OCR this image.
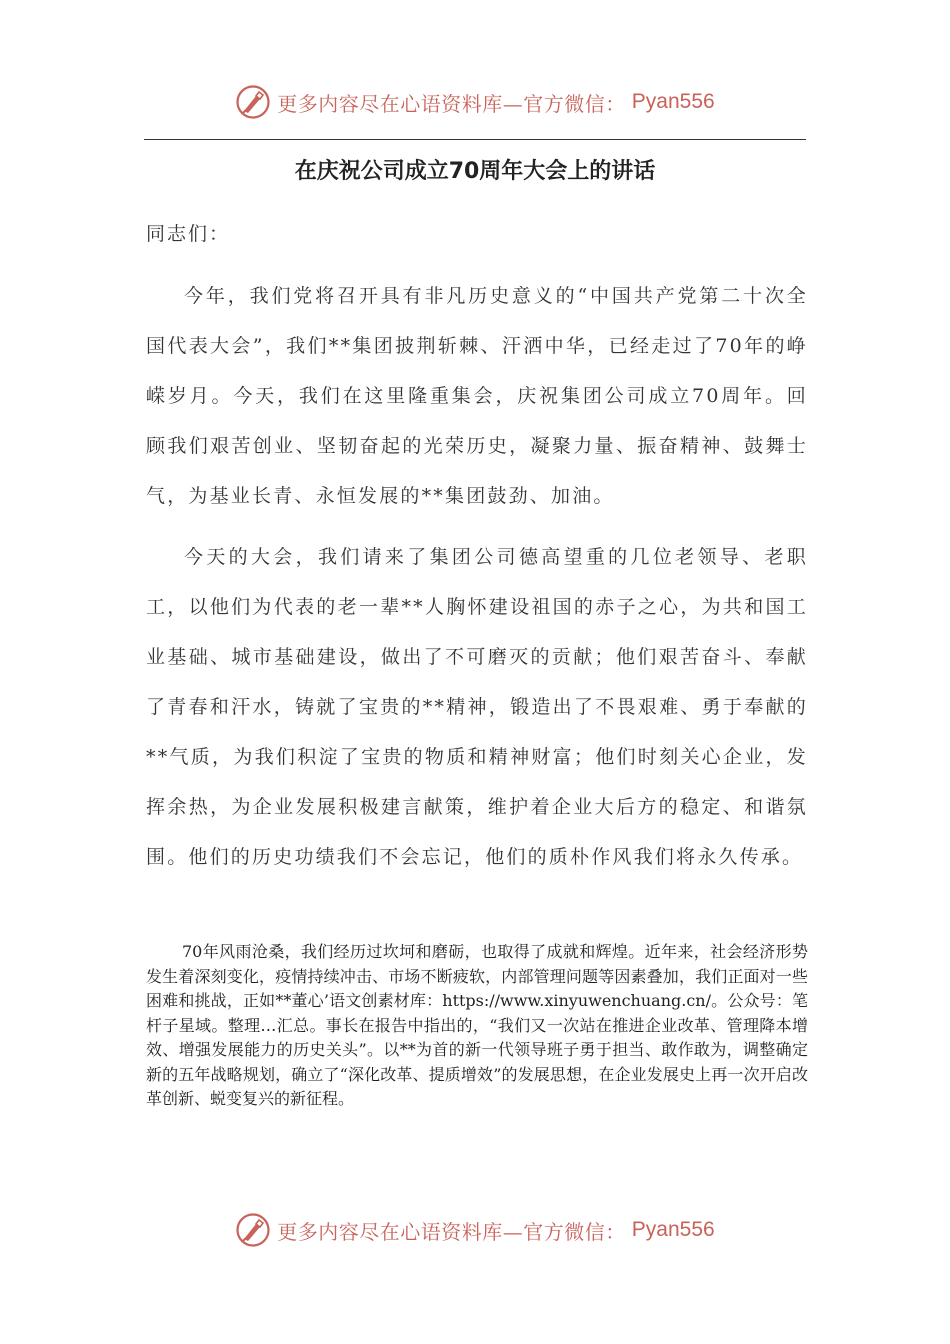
更多内容尽在心语资料库—官方微信： Pyan556
在庆祝公司成立70周年大会上的讲话

同志们：

今年，我们党将召开具有非凡历史意义的“中国共产党第二十次全国代表大会”，我们**集团披荆斩棘、汗洒中华，已经走过了70年的峥嵘岁月。今天，我们在这里隆重集会，庆祝集团公司成立70周年。回顾我们艰苦创业、坚韧奋起的光荣历史，凝聚力量、振奋精神、鼓舞士气，为基业长青、永恒发展的**集团鼓劲、加油。

今天的大会，我们请来了集团公司德高望重的几位老领导、老职工，以他们为代表的老一辈**人胸怀建设祖国的赤子之心，为共和国工业基础、城市基础建设，做出了不可磨灭的贡献；他们艰苦奋斗、奉献了青春和汗水，铸就了宝贵的**精神，锻造出了不畏艰难、勇于奉献的**气质，为我们积淀了宝贵的物质和精神财富；他们时刻关心企业，发挥余热，为企业发展积极建言献策，维护着企业大后方的稳定、和谐氛围。他们的历史功绩我们不会忘记，他们的质朴作风我们将永久传承。

70年风雨沧桑，我们经历过坎坷和磨砺，也取得了成就和辉煌。近年来，社会经济形势发生着深刻变化，疫情持续冲击、市场不断疲软，内部管理问题等因素叠加，我们正面对一些困难和挑战，正如**董心’语文创素材库：https://www.xinyuwenchuang.cn/。公众号：笔杆子星域。整理…汇总。事长在报告中指出的，“我们又一次站在推进企业改革、管理降本增效、增强发展能力的历史关头”。以**为首的新一代领导班子勇于担当、敢作敢为，调整确定新的五年战略规划，确立了“深化改革、提质增效”的发展思想，在企业发展史上再一次开启改革创新、蜕变复兴的新征程。

更多内容尽在心语资料库—官方微信： Pyan556
